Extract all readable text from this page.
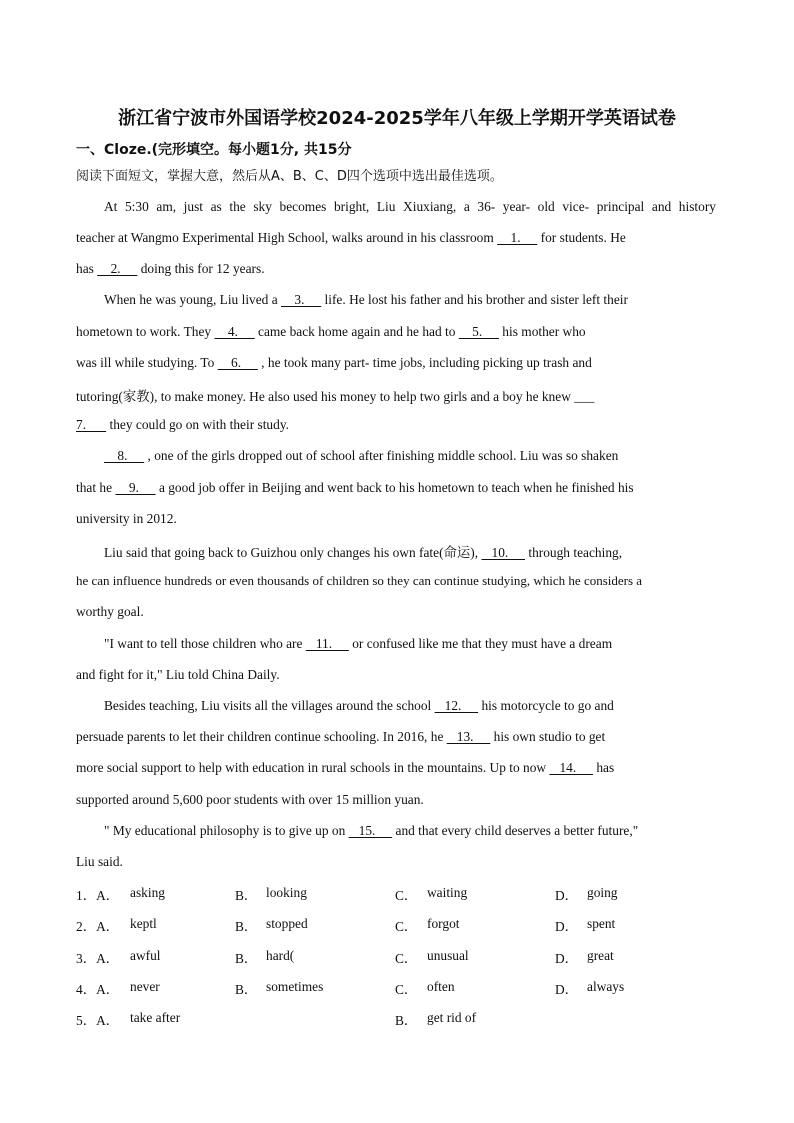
浙江省宁波市外国语学校2024-2025学年八年级上学期开学英语试卷
一、Cloze.(完形填空。每小题1分, 共15分
阅读下面短文，掌握大意，然后从A、B、C、D四个选项中选出最佳选项。
At 5:30 am, just as the sky becomes bright, Liu Xiuxiang, a 36- year- old vice- principal and history
teacher at Wangmo Experimental High School, walks around in his classroom     1.      for students. He
has     2.      doing this for 12 years.
When he was young, Liu lived a     3.      life. He lost his father and his brother and sister left their
hometown to work. They     4.      came back home again and he had to     5.      his mother who
was ill while studying. To     6.      , he took many part- time jobs, including picking up trash and
tutoring(家教), to make money. He also used his money to help two girls and a boy he knew ___
7.       they could go on with their study.
8.      , one of the girls dropped out of school after finishing middle school. Liu was so shaken
that he     9.      a good job offer in Beijing and went back to his hometown to teach when he finished his
university in 2012.
Liu said that going back to Guizhou only changes his own fate(命运),    10.      through teaching,
he can influence hundreds or even thousands of children so they can continue studying, which he considers a
worthy goal.
"I want to tell those children who are    11.      or confused like me that they must have a dream
and fight for it," Liu told China Daily.
Besides teaching, Liu visits all the villages around the school    12.      his motorcycle to go and
persuade parents to let their children continue schooling. In 2016, he    13.      his own studio to get
more social support to help with education in rural schools in the mountains. Up to now    14.      has
supported around 5,600 poor students with over 15 million yuan.
" My educational philosophy is to give up on    15.      and that every child deserves a better future,"
Liu said.
1．A． asking	B． looking	C． waiting	D． going
2．A． keptl	B． stopped	C． forgot	D． spent
3．A． awful	B． hard(	C． unusual	D． great
4．A． never	B． sometimes	C． often	D． always
5．A． take after	B． get rid of
